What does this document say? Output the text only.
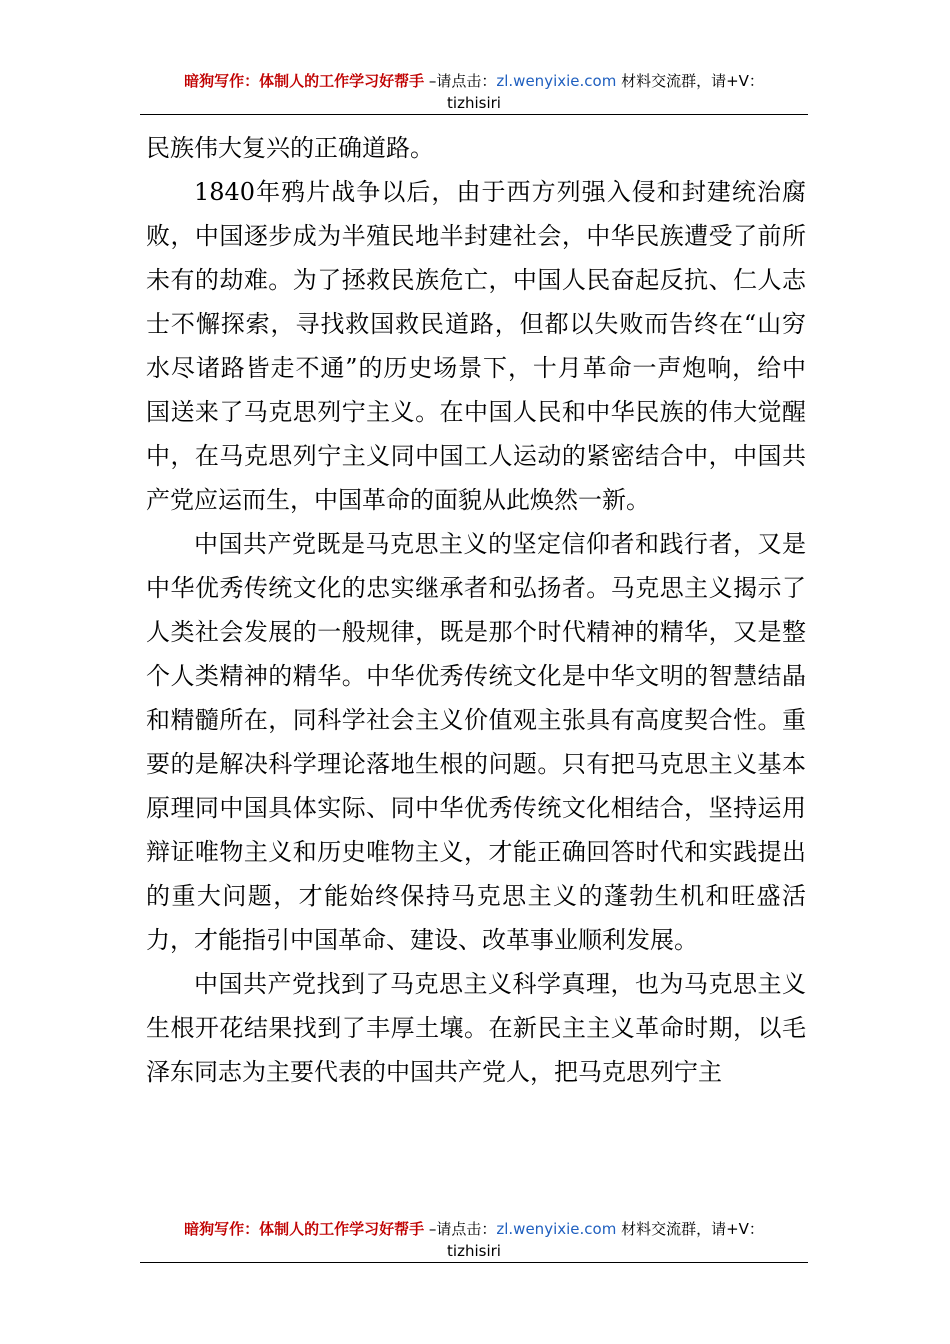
暗狗写作：体制人的工作学习好帮手 –请点击：zl.wenyixie.com 材料交流群，请+V：
tizhisiri

民族伟大复兴的正确道路。

1840年鸦片战争以后，由于西方列强入侵和封建统治腐败，中国逐步成为半殖民地半封建社会，中华民族遭受了前所未有的劫难。为了拯救民族危亡，中国人民奋起反抗、仁人志士不懈探索，寻找救国救民道路，但都以失败而告终在“山穷水尽诸路皆走不通”的历史场景下，十月革命一声炮响，给中国送来了马克思列宁主义。在中国人民和中华民族的伟大觉醒中，在马克思列宁主义同中国工人运动的紧密结合中，中国共产党应运而生，中国革命的面貌从此焕然一新。

中国共产党既是马克思主义的坚定信仰者和践行者，又是中华优秀传统文化的忠实继承者和弘扬者。马克思主义揭示了人类社会发展的一般规律，既是那个时代精神的精华，又是整个人类精神的精华。中华优秀传统文化是中华文明的智慧结晶和精髓所在，同科学社会主义价值观主张具有高度契合性。重要的是解决科学理论落地生根的问题。只有把马克思主义基本原理同中国具体实际、同中华优秀传统文化相结合，坚持运用辩证唯物主义和历史唯物主义，才能正确回答时代和实践提出的重大问题，才能始终保持马克思主义的蓬勃生机和旺盛活力，才能指引中国革命、建设、改革事业顺利发展。

中国共产党找到了马克思主义科学真理，也为马克思主义生根开花结果找到了丰厚土壤。在新民主主义革命时期，以毛泽东同志为主要代表的中国共产党人，把马克思列宁主

暗狗写作：体制人的工作学习好帮手 –请点击：zl.wenyixie.com 材料交流群，请+V：
tizhisiri
